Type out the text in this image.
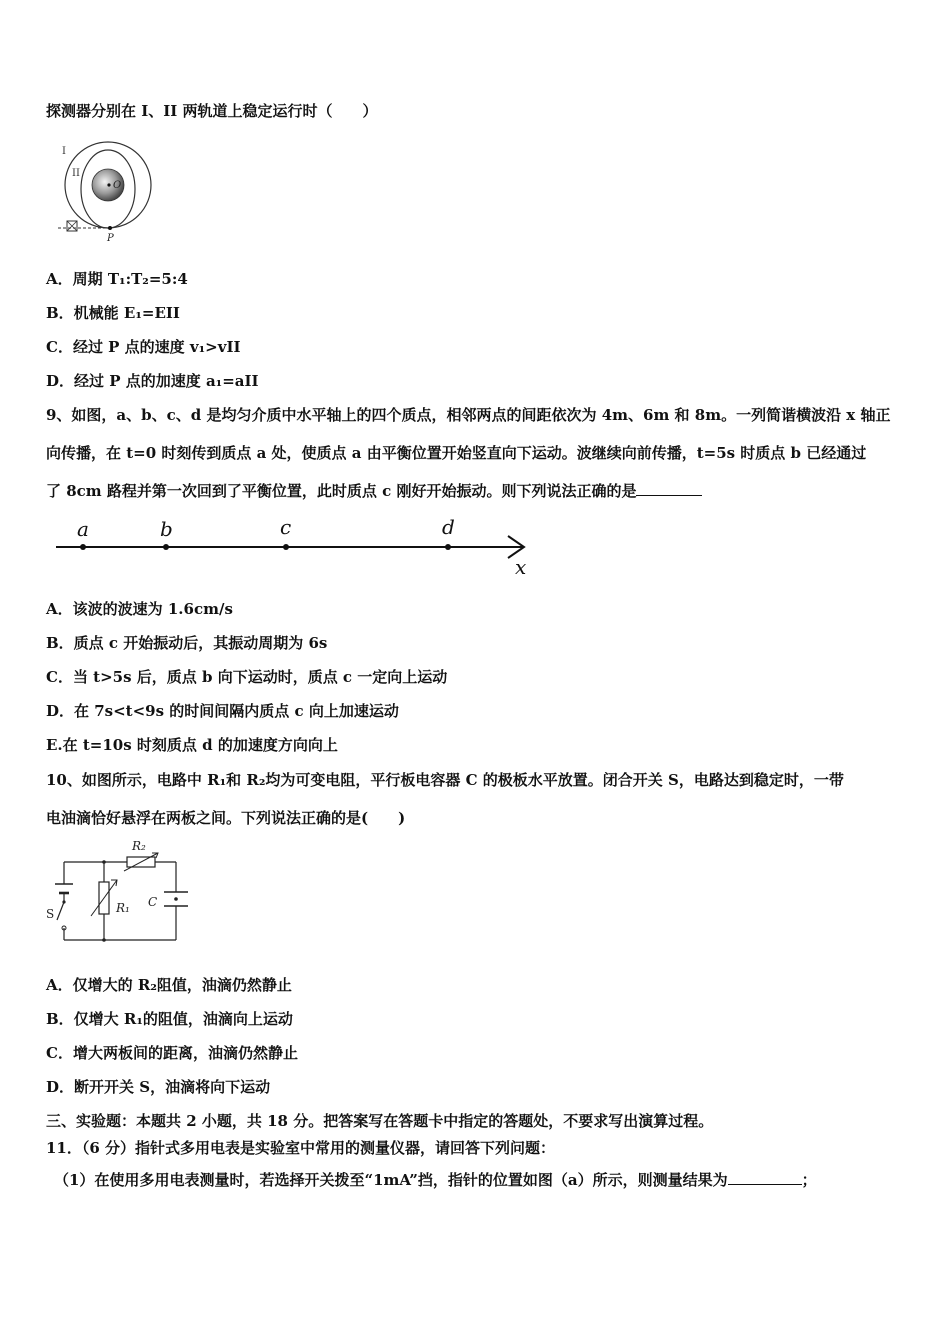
探测器分别在 I、II 两轨道上稳定运行时（　　）
I
II
O
P
A．周期 T₁:T₂=5:4
B．机械能 E₁=EII
C．经过 P 点的速度 v₁>vII
D．经过 P 点的加速度 a₁=aII
9、如图，a、b、c、d 是均匀介质中水平轴上的四个质点，相邻两点的间距依次为 4m、6m 和 8m。一列简谐横波沿 x 轴正
向传播，在 t=0 时刻传到质点 a 处，使质点 a 由平衡位置开始竖直向下运动。波继续向前传播，t=5s 时质点 b 已经通过
了 8cm 路程并第一次回到了平衡位置，此时质点 c 刚好开始振动。则下列说法正确的是
a	b	c	d
x
A．该波的波速为 1.6cm/s
B．质点 c 开始振动后，其振动周期为 6s
C．当 t>5s 后，质点 b 向下运动时，质点 c 一定向上运动
D．在 7s<t<9s 的时间间隔内质点 c 向上加速运动
E.在 t=10s 时刻质点 d 的加速度方向向上
10、如图所示，电路中 R₁和 R₂均为可变电阻，平行板电容器 C 的极板水平放置。闭合开关 S，电路达到稳定时，一带
电油滴恰好悬浮在两板之间。下列说法正确的是(　　)
S
R₂
R₁ C
A．仅增大的 R₂阻值，油滴仍然静止
B．仅增大 R₁的阻值，油滴向上运动
C．增大两板间的距离，油滴仍然静止
D．断开开关 S，油滴将向下运动
三、实验题：本题共 2 小题，共 18 分。把答案写在答题卡中指定的答题处，不要求写出演算过程。
11．（6 分）指针式多用电表是实验室中常用的测量仪器，请回答下列问题：
（1）在使用多用电表测量时，若选择开关拨至“1mA”挡，指针的位置如图（a）所示，则测量结果为	；
